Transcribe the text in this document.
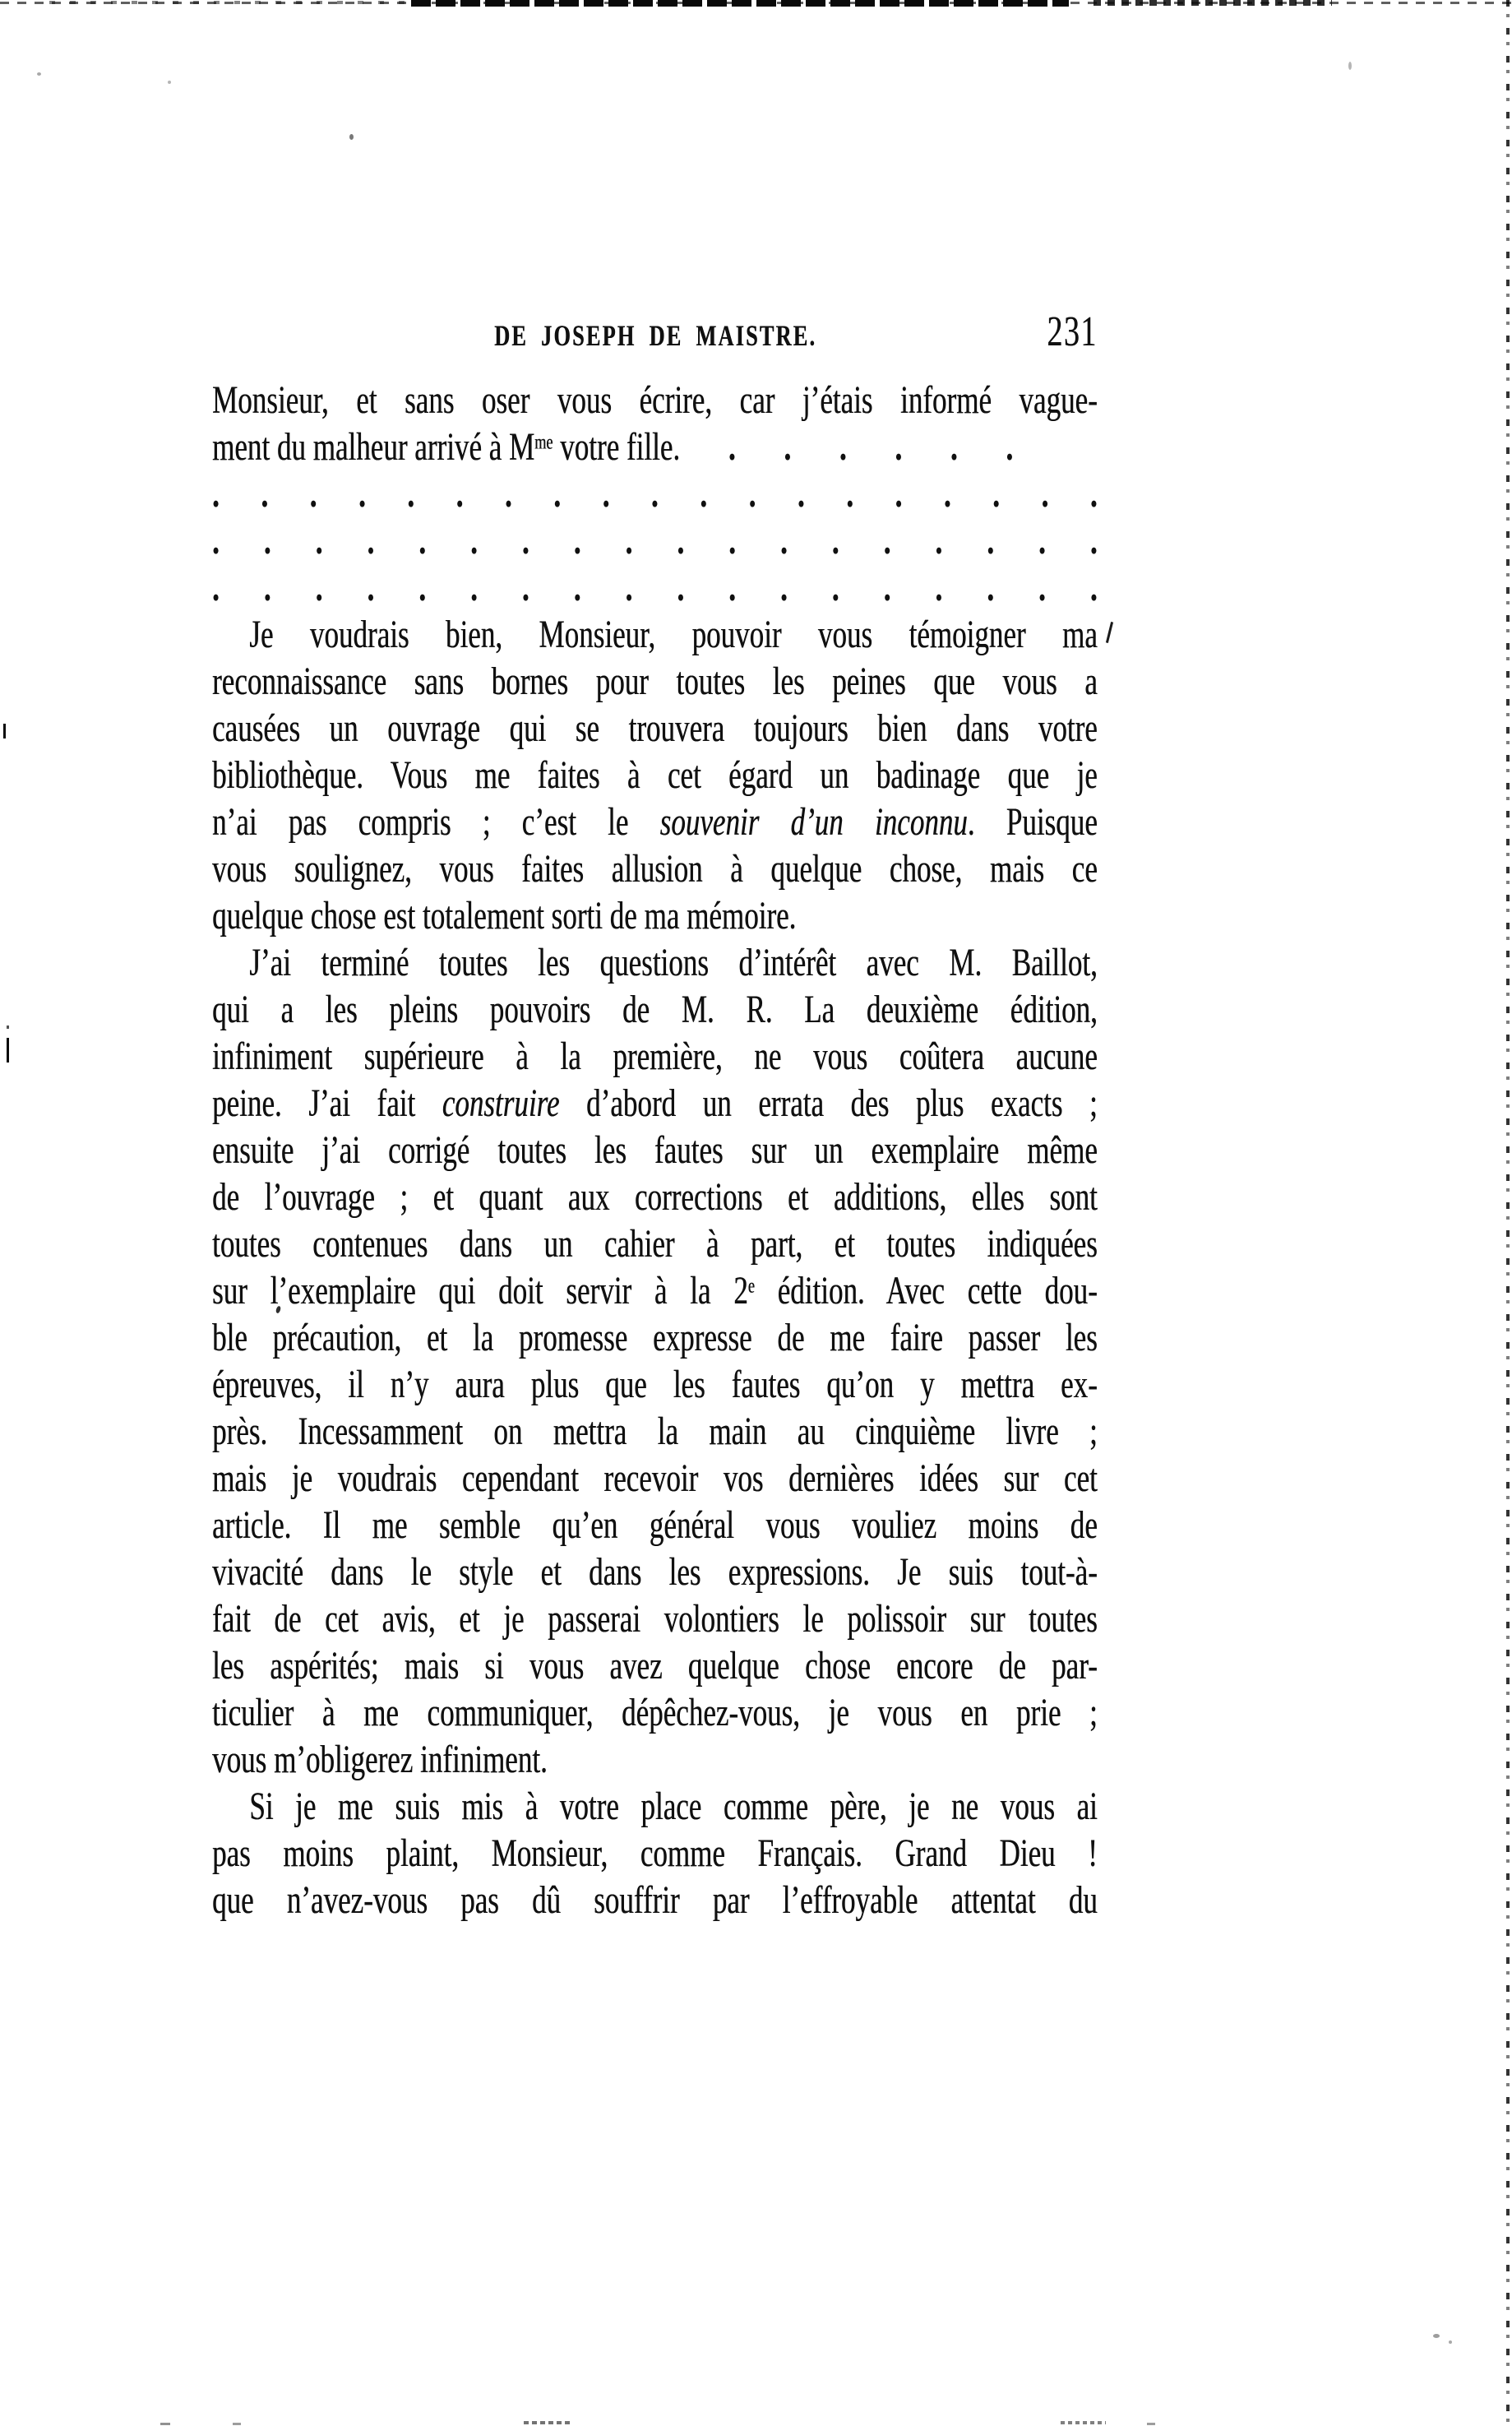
DE JOSEPH DE MAISTRE.	231
Monsieur, et sans oser vous écrire, car j’étais informé vague-
ment du malheur arrivé à $M^{me}$ votre fille. . . . . . .
. . . . . . . . . . . . . . . . . . .
. . . . . . . . . . . . . . . . . .
. . . . . . . . . . . . . . . . . .
Je voudrais bien, Monsieur, pouvoir vous témoigner ma
reconnaissance sans bornes pour toutes les peines que vous a
causées un ouvrage qui se trouvera toujours bien dans votre
bibliothèque. Vous me faites à cet égard un badinage que je
n’ai pas compris ; c’est le souvenir d’un inconnu. Puisque
vous soulignez, vous faites allusion à quelque chose, mais ce
quelque chose est totalement sorti de ma mémoire.
J’ai terminé toutes les questions d’intérêt avec M. Baillot,
qui a les pleins pouvoirs de M. R. La deuxième édition,
infiniment supérieure à la première, ne vous coûtera aucune
peine. J’ai fait construire d’abord un errata des plus exacts ;
ensuite j’ai corrigé toutes les fautes sur un exemplaire même
de l’ouvrage ; et quant aux corrections et additions, elles sont
toutes contenues dans un cahier à part, et toutes indiquées
sur l’exemplaire qui doit servir à la 2e édition. Avec cette dou-
ble précaution, et la promesse expresse de me faire passer les
épreuves, il n’y aura plus que les fautes qu’on y mettra ex-
près. Incessamment on mettra la main au cinquième livre ;
mais je voudrais cependant recevoir vos dernières idées sur cet
article. Il me semble qu’en général vous vouliez moins de
vivacité dans le style et dans les expressions. Je suis tout-à-
fait de cet avis, et je passerai volontiers le polissoir sur toutes
les aspérités; mais si vous avez quelque chose encore de par-
ticulier à me communiquer, dépêchez-vous, je vous en prie ;
vous m’obligerez infiniment.
Si je me suis mis à votre place comme père, je ne vous ai
pas moins plaint, Monsieur, comme Français. Grand Dieu !
que n’avez-vous pas dû souffrir par l’effroyable attentat du
